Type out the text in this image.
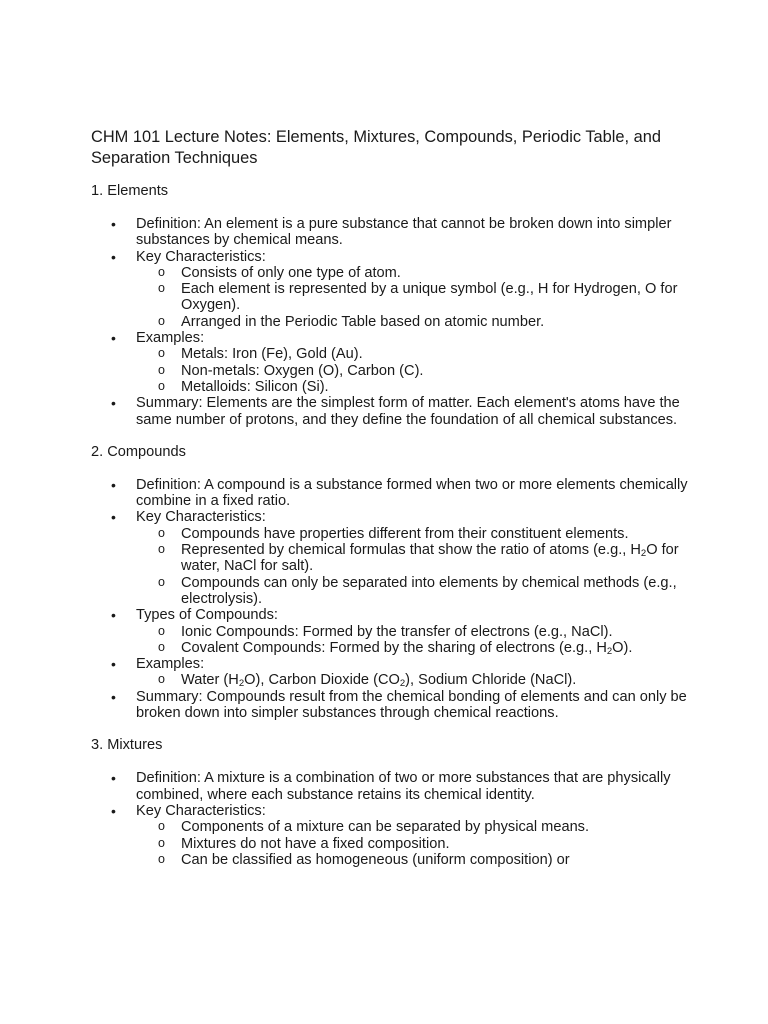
CHM 101 Lecture Notes: Elements, Mixtures, Compounds, Periodic Table, and Separation Techniques
1. Elements
• Definition: An element is a pure substance that cannot be broken down into simpler substances by chemical means.
• Key Characteristics:
o Consists of only one type of atom.
o Each element is represented by a unique symbol (e.g., H for Hydrogen, O for Oxygen).
o Arranged in the Periodic Table based on atomic number.
• Examples:
o Metals: Iron (Fe), Gold (Au).
o Non-metals: Oxygen (O), Carbon (C).
o Metalloids: Silicon (Si).
• Summary: Elements are the simplest form of matter. Each element's atoms have the same number of protons, and they define the foundation of all chemical substances.
2. Compounds
• Definition: A compound is a substance formed when two or more elements chemically combine in a fixed ratio.
• Key Characteristics:
o Compounds have properties different from their constituent elements.
o Represented by chemical formulas that show the ratio of atoms (e.g., $H_2O$ for water, NaCl for salt).
o Compounds can only be separated into elements by chemical methods (e.g., electrolysis).
• Types of Compounds:
o Ionic Compounds: Formed by the transfer of electrons (e.g., NaCl).
o Covalent Compounds: Formed by the sharing of electrons (e.g., $H_2O$).
• Examples:
o Water $(H_2O)$, Carbon Dioxide $(CO_2)$, Sodium Chloride (NaCl).
• Summary: Compounds result from the chemical bonding of elements and can only be broken down into simpler substances through chemical reactions.
3. Mixtures
• Definition: A mixture is a combination of two or more substances that are physically combined, where each substance retains its chemical identity.
• Key Characteristics:
o Components of a mixture can be separated by physical means.
o Mixtures do not have a fixed composition.
o Can be classified as homogeneous (uniform composition) or
